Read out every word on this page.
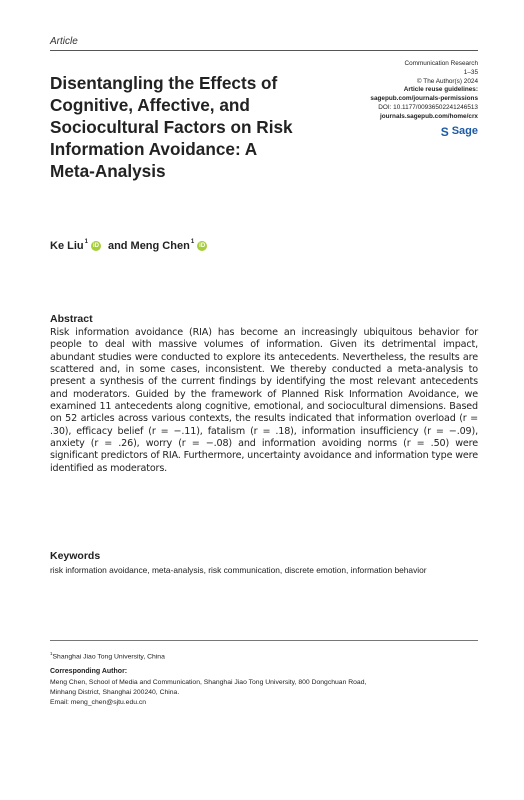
Article
Disentangling the Effects of Cognitive, Affective, and Sociocultural Factors on Risk Information Avoidance: A Meta-Analysis
Communication Research
1–35
© The Author(s) 2024
Article reuse guidelines:
sagepub.com/journals-permissions
DOI: 10.1177/00936502241246513
journals.sagepub.com/home/crx
S Sage
Ke Liu$^1$
iD and Meng Chen$^1$
iD
Abstract
Risk information avoidance (RIA) has become an increasingly ubiquitous behavior for people to deal with massive volumes of information. Given its detrimental impact, abundant studies were conducted to explore its antecedents. Nevertheless, the results are scattered and, in some cases, inconsistent. We thereby conducted a meta-analysis to present a synthesis of the current findings by identifying the most relevant antecedents and moderators. Guided by the framework of Planned Risk Information Avoidance, we examined 11 antecedents along cognitive, emotional, and sociocultural dimensions. Based on 52 articles across various contexts, the results indicated that information overload (r = .30), efficacy belief (r = −.11), fatalism (r = .18), information insufficiency (r = −.09), anxiety (r = .26), worry (r = −.08) and information avoiding norms (r = .50) were significant predictors of RIA. Furthermore, uncertainty avoidance and information type were identified as moderators.
Keywords
risk information avoidance, meta-analysis, risk communication, discrete emotion, information behavior
$^1$Shanghai Jiao Tong University, China
Corresponding Author:
Meng Chen, School of Media and Communication, Shanghai Jiao Tong University, 800 Dongchuan Road,
Minhang District, Shanghai 200240, China.
Email: meng_chen@sjtu.edu.cn
